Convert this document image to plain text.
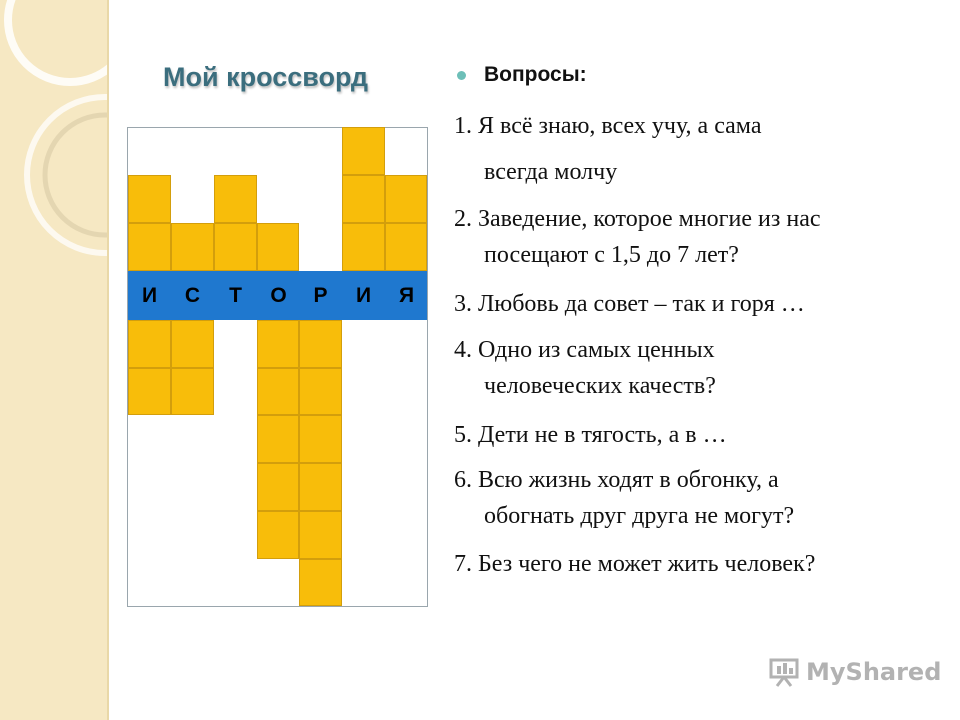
Мой кроссворд
И	С	Т	О	Р	И	Я
Вопросы:
1. Я всё знаю, всех учу, а сама
всегда молчу
2. Заведение, которое многие из нас
посещают с 1,5 до 7 лет?
3. Любовь да совет – так и горя …
4. Одно из самых ценных
человеческих качеств?
5. Дети не в тягость, а в …
6. Всю жизнь ходят в обгонку, а
обогнать друг друга не могут?
7. Без чего не может жить человек?
MyShared
